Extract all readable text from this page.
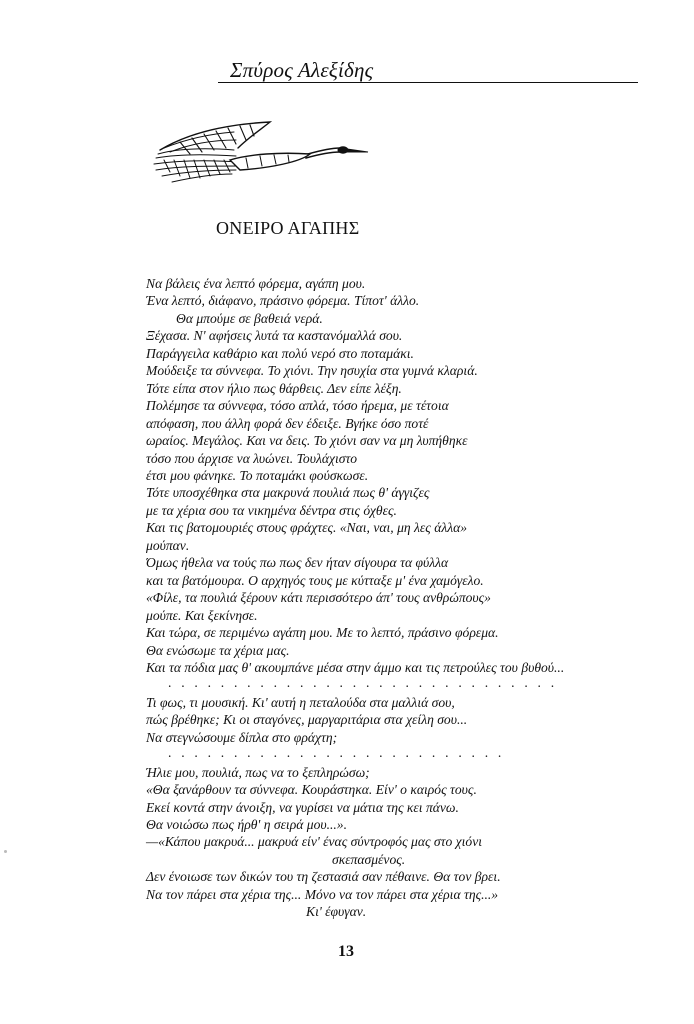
Σπύρος Αλεξίδης
ΟΝΕΙΡΟ ΑΓΑΠΗΣ
Να βάλεις ένα λεπτό φόρεμα, αγάπη μου.
Ένα λεπτό, διάφανο, πράσινο φόρεμα. Τίποτ' άλλο.
Θα μπούμε σε βαθειά νερά.
Ξέχασα. Ν' αφήσεις λυτά τα καστανόμαλλά σου.
Παράγγειλα καθάριο και πολύ νερό στο ποταμάκι.
Μούδειξε τα σύννεφα. Το χιόνι. Την ησυχία στα γυμνά κλαριά.
Τότε είπα στον ήλιο πως θάρθεις. Δεν είπε λέξη.
Πολέμησε τα σύννεφα, τόσο απλά, τόσο ήρεμα, με τέτοια
απόφαση, που άλλη φορά δεν έδειξε. Βγήκε όσο ποτέ
ωραίος. Μεγάλος. Και να δεις. Το χιόνι σαν να μη λυπήθηκε
τόσο που άρχισε να λυώνει. Τουλάχιστο
έτσι μου φάνηκε. Το ποταμάκι φούσκωσε.
Τότε υποσχέθηκα στα μακρυνά πουλιά πως θ' άγγιζες
με τα χέρια σου τα νικημένα δέντρα στις όχθες.
Και τις βατομουριές στους φράχτες. «Ναι, ναι, μη λες άλλα»
μούπαν.
Όμως ήθελα να τούς πω πως δεν ήταν σίγουρα τα φύλλα
και τα βατόμουρα. Ο αρχηγός τους με κύτταξε μ' ένα χαμόγελο.
«Φίλε, τα πουλιά ξέρουν κάτι περισσότερο άπ' τους ανθρώπους»
μούπε. Και ξεκίνησε.
Και τώρα, σε περιμένω αγάπη μου. Με το λεπτό, πράσινο φόρεμα.
Θα ενώσωμε τα χέρια μας.
Και τα πόδια μας θ' ακουμπάνε μέσα στην άμμο και τις πετρούλες του βυθού...
. . . . . . . . . . . . . . . . . . . . . . . . . . . . . .
Τι φως, τι μουσική. Κι' αυτή η πεταλούδα στα μαλλιά σου,
πώς βρέθηκε; Κι οι σταγόνες, μαργαριτάρια στα χείλη σου...
Να στεγνώσουμε δίπλα στο φράχτη;
. . . . . . . . . . . . . . . . . . . . . . . . . .
Ήλιε μου, πουλιά, πως να το ξεπληρώσω;
«Θα ξανάρθουν τα σύννεφα. Κουράστηκα. Είν' ο καιρός τους.
Εκεί κοντά στην άνοιξη, να γυρίσει να μάτια της κει πάνω.
Θα νοιώσω πως ήρθ' η σειρά μου...».
—«Κάπου μακρυά... μακρυά είν' ένας σύντροφός μας στο χιόνι
σκεπασμένος.
Δεν ένοιωσε των δικών του τη ζεστασιά σαν πέθαινε. Θα τον βρει.
Να τον πάρει στα χέρια της... Μόνο να τον πάρει στα χέρια της...»
Κι' έφυγαν.
13
